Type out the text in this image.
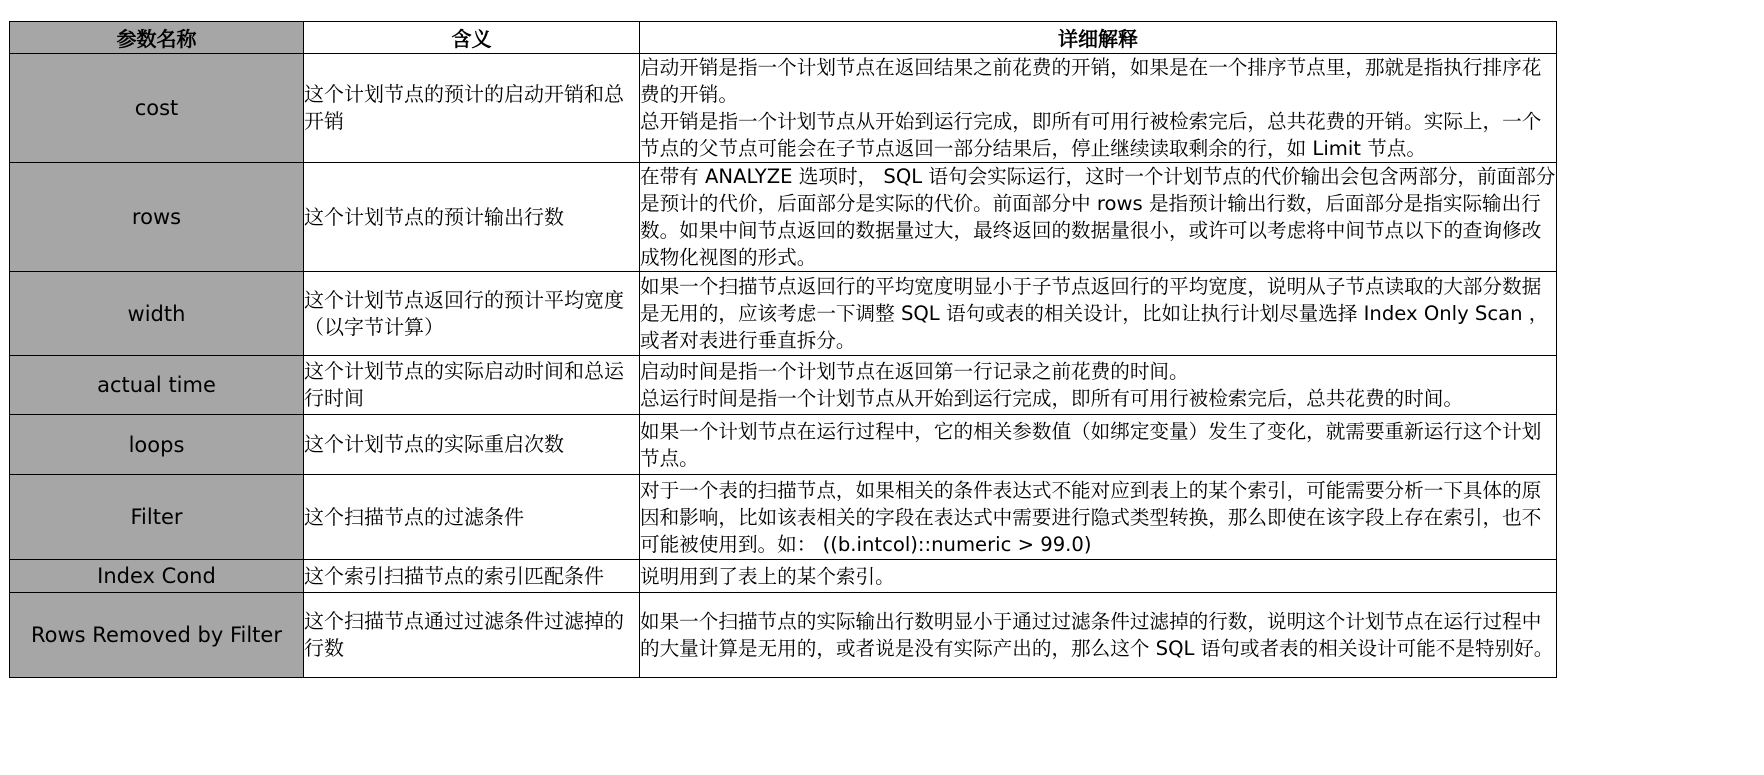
参数名称	含义	详细解释
cost	这个计划节点的预计的启动开销和总开销	启动开销是指一个计划节点在返回结果之前花费的开销，如果是在一个排序节点里，那就是指执行排序花费的开销。
总开销是指一个计划节点从开始到运行完成，即所有可用行被检索完后，总共花费的开销。实际上，一个节点的父节点可能会在子节点返回一部分结果后，停止继续读取剩余的行，如 Limit 节点。

rows	这个计划节点的预计输出行数	在带有 ANALYZE 选项时， SQL 语句会实际运行，这时一个计划节点的代价输出会包含两部分，前面部分是预计的代价，后面部分是实际的代价。前面部分中 rows 是指预计输出行数，后面部分是指实际输出行数。如果中间节点返回的数据量过大，最终返回的数据量很小，或许可以考虑将中间节点以下的查询修改成物化视图的形式。

width	这个计划节点返回行的预计平均宽度（以字节计算）	如果一个扫描节点返回行的平均宽度明显小于子节点返回行的平均宽度，说明从子节点读取的大部分数据是无用的，应该考虑一下调整 SQL 语句或表的相关设计，比如让执行计划尽量选择 Index Only Scan ，或者对表进行垂直拆分。

actual time	这个计划节点的实际启动时间和总运行时间	启动时间是指一个计划节点在返回第一行记录之前花费的时间。
总运行时间是指一个计划节点从开始到运行完成，即所有可用行被检索完后，总共花费的时间。

loops	这个计划节点的实际重启次数	如果一个计划节点在运行过程中，它的相关参数值（如绑定变量）发生了变化，就需要重新运行这个计划节点。

Filter	这个扫描节点的过滤条件	对于一个表的扫描节点，如果相关的条件表达式不能对应到表上的某个索引，可能需要分析一下具体的原因和影响，比如该表相关的字段在表达式中需要进行隐式类型转换，那么即使在该字段上存在索引，也不可能被使用到。如： ((b.intcol)::numeric > 99.0)

Index Cond	这个索引扫描节点的索引匹配条件	说明用到了表上的某个索引。

Rows Removed by Filter	这个扫描节点通过过滤条件过滤掉的行数	如果一个扫描节点的实际输出行数明显小于通过过滤条件过滤掉的行数，说明这个计划节点在运行过程中的大量计算是无用的，或者说是没有实际产出的，那么这个 SQL 语句或者表的相关设计可能不是特别好。
